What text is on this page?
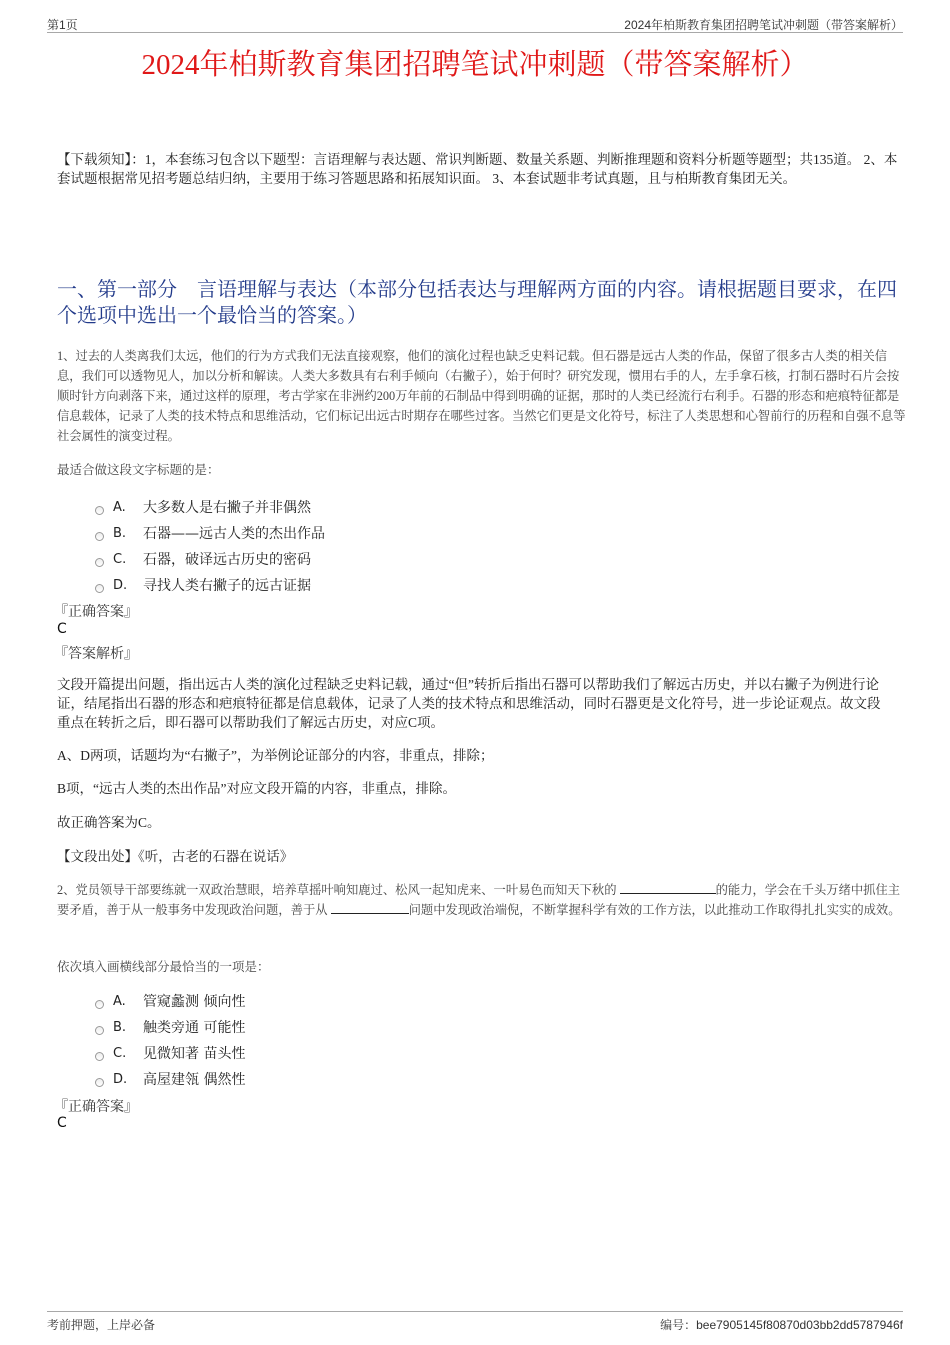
第1页	2024年柏斯教育集团招聘笔试冲刺题（带答案解析）
2024年柏斯教育集团招聘笔试冲刺题（带答案解析）
【下载须知】：1，本套练习包含以下题型：言语理解与表达题、常识判断题、数量关系题、判断推理题和资料分析题等题型；共135道。 2、本套试题根据常见招考题总结归纳，主要用于练习答题思路和拓展知识面。 3、本套试题非考试真题，且与柏斯教育集团无关。
一、第一部分　言语理解与表达（本部分包括表达与理解两方面的内容。请根据题目要求，在四个选项中选出一个最恰当的答案。）
1、过去的人类离我们太远，他们的行为方式我们无法直接观察，他们的演化过程也缺乏史料记载。但石器是远古人类的作品，保留了很多古人类的相关信息，我们可以透物见人，加以分析和解读。人类大多数具有右利手倾向（右撇子），始于何时？研究发现，惯用右手的人，左手拿石核，打制石器时石片会按顺时针方向剥落下来，通过这样的原理，考古学家在非洲约200万年前的石制品中得到明确的证据，那时的人类已经流行右利手。石器的形态和疤痕特征都是信息载体，记录了人类的技术特点和思维活动，它们标记出远古时期存在哪些过客。当然它们更是文化符号，标注了人类思想和心智前行的历程和自强不息等社会属性的演变过程。
最适合做这段文字标题的是：
A.	大多数人是右撇子并非偶然
B.	石器——远古人类的杰出作品
C.	石器，破译远古历史的密码
D.	寻找人类右撇子的远古证据
『正确答案』
C
『答案解析』
文段开篇提出问题，指出远古人类的演化过程缺乏史料记载，通过“但”转折后指出石器可以帮助我们了解远古历史，并以右撇子为例进行论证，结尾指出石器的形态和疤痕特征都是信息载体，记录了人类的技术特点和思维活动，同时石器更是文化符号，进一步论证观点。故文段重点在转折之后，即石器可以帮助我们了解远古历史，对应C项。
A、D两项，话题均为“右撇子”，为举例论证部分的内容，非重点，排除；
B项，“远古人类的杰出作品”对应文段开篇的内容，非重点，排除。
故正确答案为C。
【文段出处】《听，古老的石器在说话》
2、党员领导干部要练就一双政治慧眼，培养草摇叶响知鹿过、松风一起知虎来、一叶易色而知天下秋的	的能力，学会在千头万绪中抓住主要矛盾，善于从一般事务中发现政治问题，善于从	问题中发现政治端倪，不断掌握科学有效的工作方法，以此推动工作取得扎扎实实的成效。
依次填入画横线部分最恰当的一项是：
A.	管窥蠡测 倾向性
B.	触类旁通 可能性
C.	见微知著 苗头性
D.	高屋建瓴 偶然性
『正确答案』
C
考前押题，上岸必备	编号：bee7905145f80870d03bb2dd5787946f
